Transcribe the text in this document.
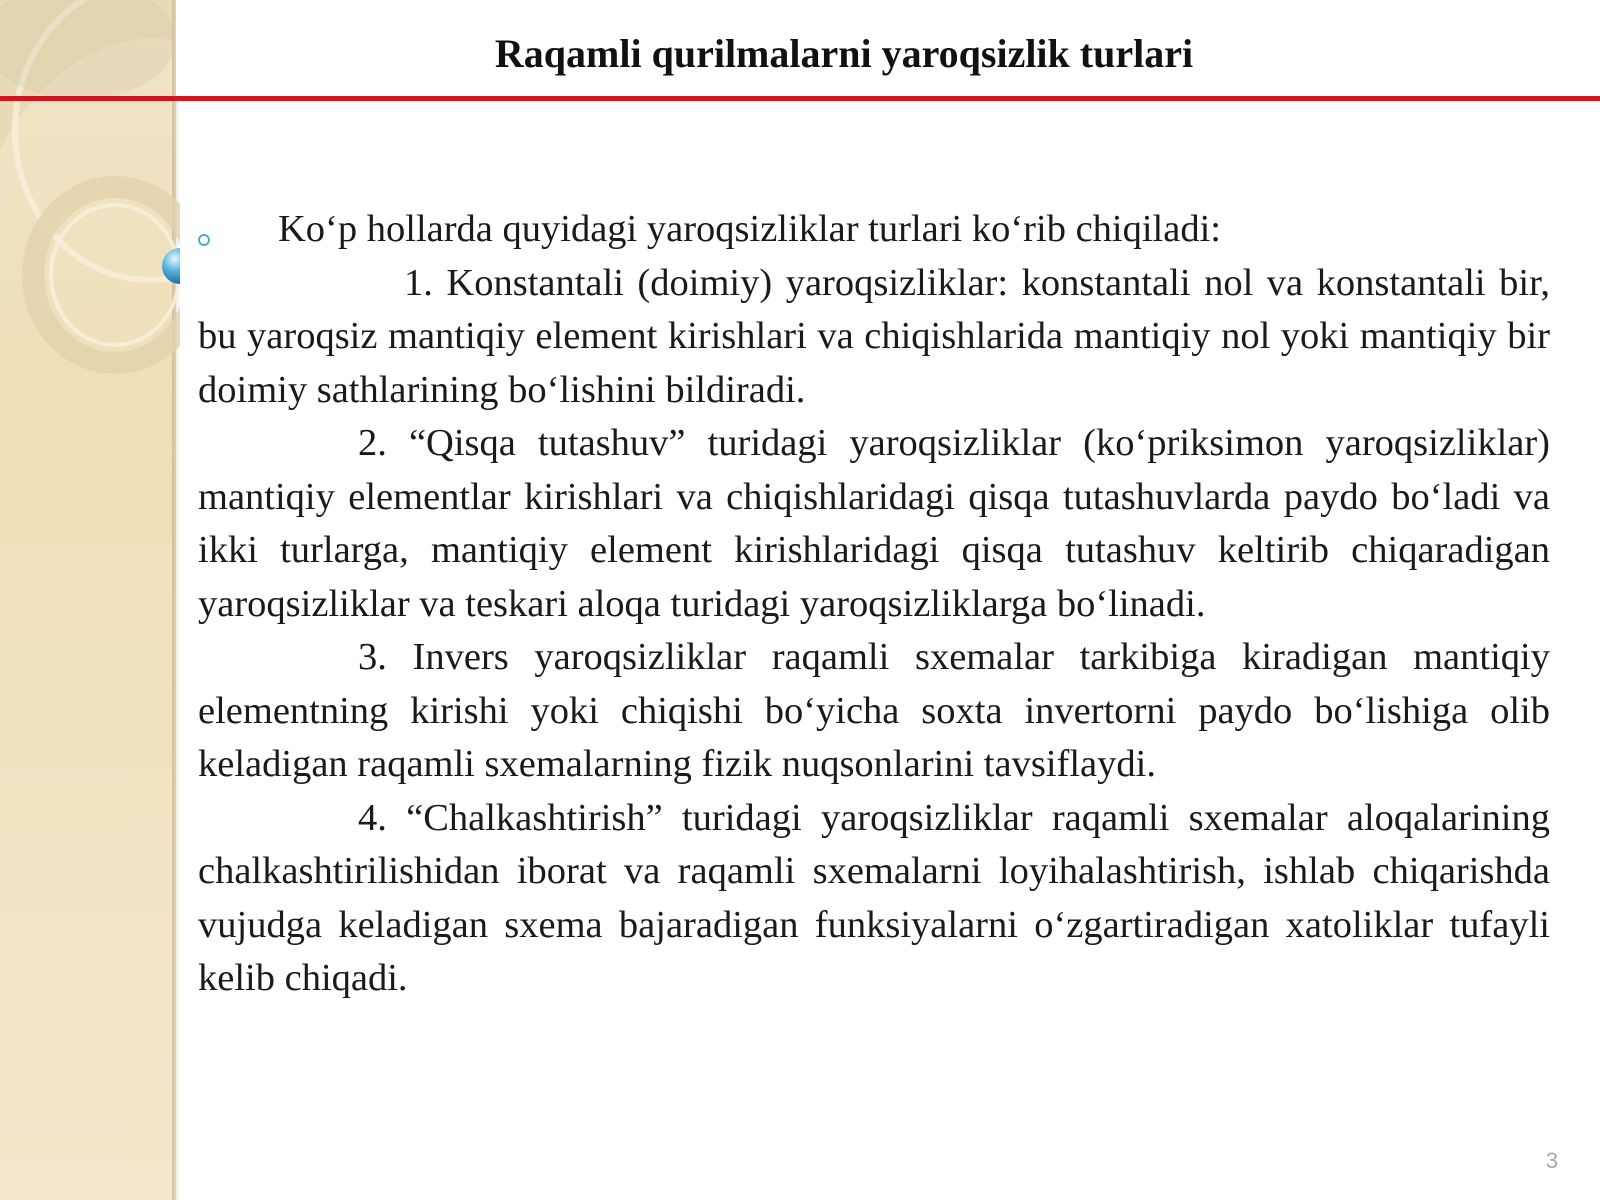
Raqamli qurilmalarni yaroqsizlik turlari

Ko‘p hollarda quyidagi yaroqsizliklar turlari ko‘rib chiqiladi:

1. Konstantali (doimiy) yaroqsizliklar: konstantali nol va konstantali bir, bu yaroqsiz mantiqiy element kirishlari va chiqishlarida mantiqiy nol yoki mantiqiy bir doimiy sathlarining bo‘lishini bildiradi.

2. “Qisqa tutashuv” turidagi yaroqsizliklar (ko‘priksimon yaroqsizliklar) mantiqiy elementlar kirishlari va chiqishlaridagi qisqa tutashuvlarda paydo bo‘ladi va ikki turlarga, mantiqiy element kirishlaridagi qisqa tutashuv keltirib chiqaradigan yaroqsizliklar va teskari aloqa turidagi yaroqsizliklarga bo‘linadi.

3. Invers yaroqsizliklar raqamli sxemalar tarkibiga kiradigan mantiqiy elementning kirishi yoki chiqishi bo‘yicha soxta invertorni paydo bo‘lishiga olib keladigan raqamli sxemalarning fizik nuqsonlarini tavsiflaydi.

4. “Chalkashtirish” turidagi yaroqsizliklar raqamli sxemalar aloqalarining chalkashtirilishidan iborat va raqamli sxemalarni loyihalashtirish, ishlab chiqarishda vujudga keladigan sxema bajaradigan funksiyalarni o‘zgartiradigan xatoliklar tufayli kelib chiqadi.

3
